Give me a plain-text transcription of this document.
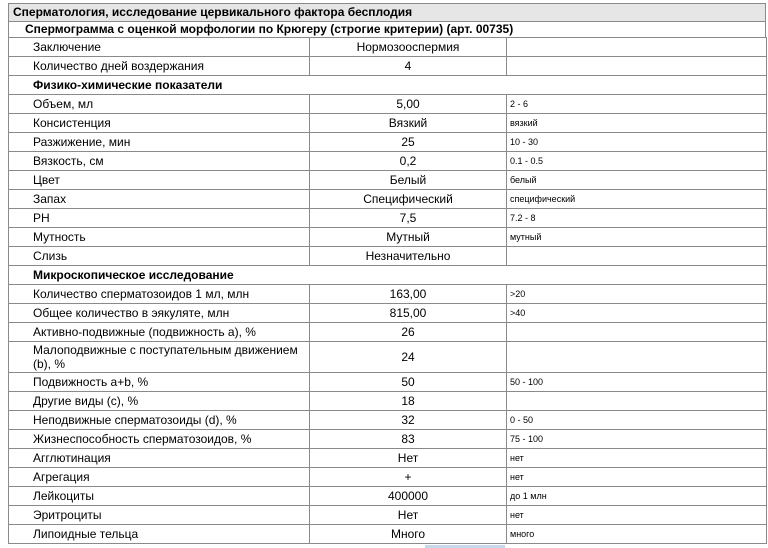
Спермaтология, исследование цервикального фактора бесплодия
Спермограмма с оценкой морфологии по Крюгеру (строгие критерии) (арт. 00735)
Заключение	Нормозооспермия	
Количество дней воздержания	4	
Физико-химические показатели		
Объем, мл	5,00	2 - 6
Консистенция	Вязкий	вязкий
Разжижение, мин	25	10 - 30
Вязкость, см	0,2	0.1 - 0.5
Цвет	Белый	белый
Запах	Специфический	специфический
PH	7,5	7.2 - 8
Мутность	Мутный	мутный
Слизь	Незначительно	
Микроскопическое исследование		
Количество сперматозоидов 1 мл, млн	163,00	>20
Общее количество в эякуляте, млн	815,00	>40
Активно-подвижные (подвижность а), %	26	
Малоподвижные с поступательным движением (b), %	24	
Подвижность a+b, %	50	50 - 100
Другие виды (c), %	18	
Неподвижные сперматозоиды (d), %	32	0 - 50
Жизнеспособность сперматозоидов, %	83	75 - 100
Агглютинация	Нет	нет
Агрегация	+	нет
Лейкоциты	400000	до 1 млн
Эритроциты	Нет	нет
Липоидные тельца	Много	много
